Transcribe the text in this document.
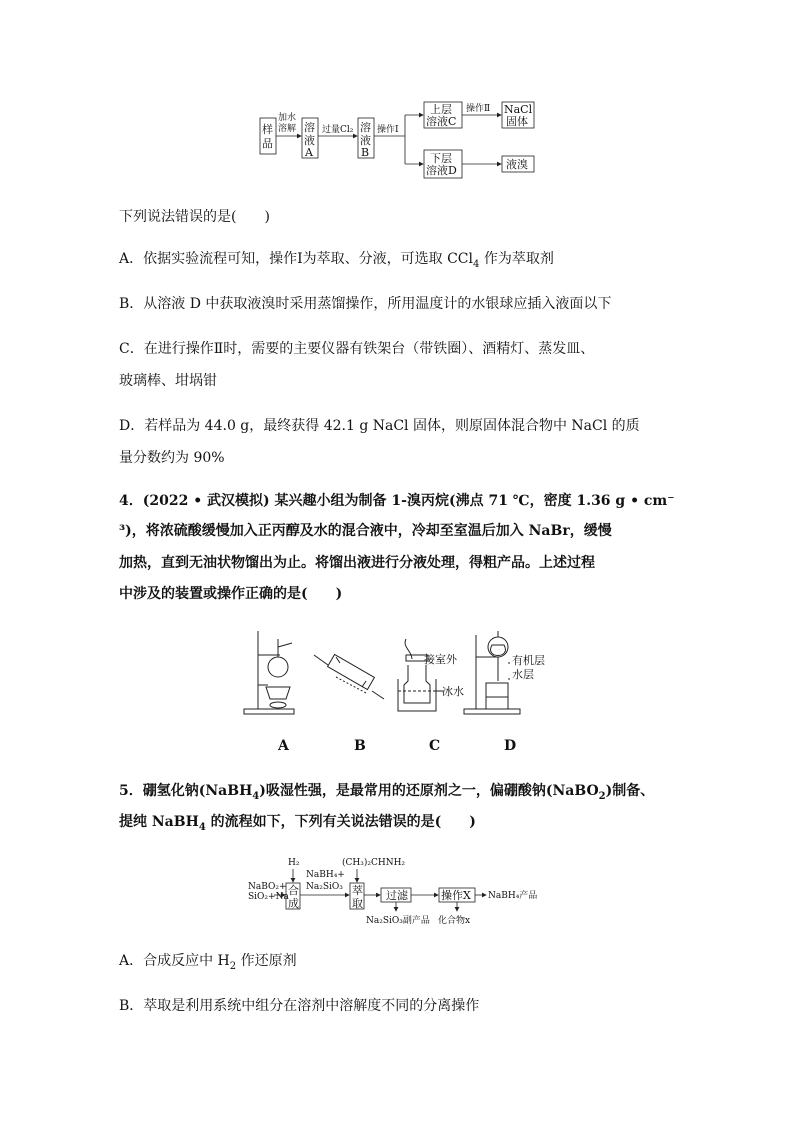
样
品
加水
溶解 溶
液
A
过量Cl₂ 溶
液
B
操作Ⅰ
上层
溶液C
操作Ⅱ NaCl
固体
下层
溶液D	液溴
下列说法错误的是(　　)
A．依据实验流程可知，操作Ⅰ为萃取、分液，可选取 CCl$_4$ 作为萃取剂
B．从溶液 D 中获取液溴时采用蒸馏操作，所用温度计的水银球应插入液面以下
C．在进行操作Ⅱ时，需要的主要仪器有铁架台（带铁圈）、酒精灯、蒸发皿、
玻璃棒、坩埚钳
D．若样品为 44.0 g，最终获得 42.1 g NaCl 固体，则原固体混合物中 NaCl 的质
量分数约为 90%
4．(2022 • 武汉模拟) 某兴趣小组为制备 1-溴丙烷(沸点 71 ℃，密度 1.36 g • cm⁻
³)，将浓硫酸缓慢加入正丙醇及水的混合液中，冷却至室温后加入 NaBr，缓慢
加热，直到无油状物馏出为止。将馏出液进行分液处理，得粗产品。上述过程
中涉及的装置或操作正确的是(　　)
接室外
冰水
有机层
水层
A	B	C	D
5．硼氢化钠(NaBH$_4$)吸湿性强，是最常用的还原剂之一，偏硼酸钠(NaBO$_2$)制备、
提纯 NaBH$_4$ 的流程如下，下列有关说法错误的是(　　)
NaBO₂+
SiO₂+Na
H₂
合
成
NaBH₄+
Na₂SiO₃
(CH₃)₂CHNH₂
萃
取
过滤
Na₂SiO₃副产品
操作X
化合物x
NaBH₄产品
A．合成反应中 $H_2$ 作还原剂
B．萃取是利用系统中组分在溶剂中溶解度不同的分离操作
